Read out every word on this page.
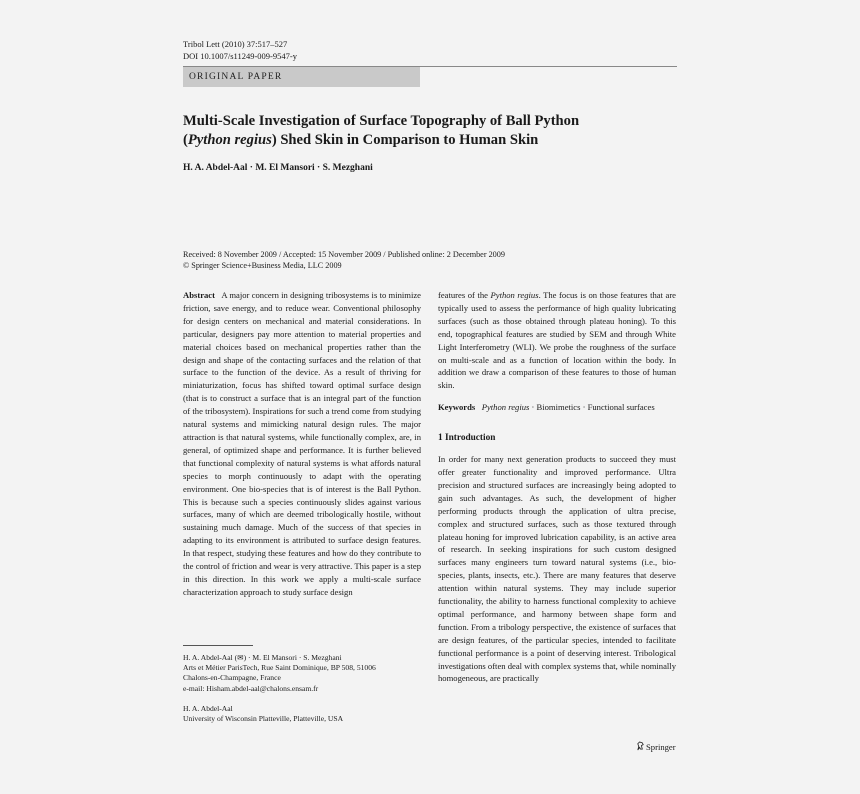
Tribol Lett (2010) 37:517–527
DOI 10.1007/s11249-009-9547-y
ORIGINAL PAPER
Multi-Scale Investigation of Surface Topography of Ball Python
(Python regius) Shed Skin in Comparison to Human Skin
H. A. Abdel-Aal · M. El Mansori · S. Mezghani
Received: 8 November 2009 / Accepted: 15 November 2009 / Published online: 2 December 2009
© Springer Science+Business Media, LLC 2009

Abstract A major concern in designing tribosystems is to minimize friction, save energy, and to reduce wear. Conventional philosophy for design centers on mechanical and material considerations. In particular, designers pay more attention to material properties and material choices based on mechanical properties rather than the design and shape of the contacting surfaces and the relation of that surface to the function of the device. As a result of thriving for miniaturization, focus has shifted toward optimal surface design (that is to construct a surface that is an integral part of the function of the tribosystem). Inspirations for such a trend come from studying natural systems and mimicking natural design rules. The major attraction is that natural systems, while functionally complex, are, in general, of optimized shape and performance. It is further believed that functional complexity of natural systems is what affords natural species to morph continuously to adapt with the operating environment. One bio-species that is of interest is the Ball Python. This is because such a species continuously slides against various surfaces, many of which are deemed tribologically hostile, without sustaining much damage. Much of the success of that species in adapting to its environment is attributed to surface design features. In that respect, studying these features and how do they contribute to the control of friction and wear is very attractive. This paper is a step in this direction. In this work we apply a multi-scale surface characterization approach to study surface design

features of the Python regius. The focus is on those features that are typically used to assess the performance of high quality lubricating surfaces (such as those obtained through plateau honing). To this end, topographical features are studied by SEM and through White Light Interferometry (WLI). We probe the roughness of the surface on multi-scale and as a function of location within the body. In addition we draw a comparison of these features to those of human skin.

Keywords Python regius · Biomimetics · Functional surfaces
1 Introduction

In order for many next generation products to succeed they must offer greater functionality and improved performance. Ultra precision and structured surfaces are increasingly being adopted to gain such advantages. As such, the development of higher performing products through the application of ultra precise, complex and structured surfaces, such as those textured through plateau honing for improved lubrication capability, is an active area of research. In seeking inspirations for such custom designed surfaces many engineers turn toward natural systems (i.e., bio-species, plants, insects, etc.). There are many features that deserve attention within natural systems. They may include superior functionality, the ability to harness functional complexity to achieve optimal performance, and harmony between shape form and function. From a tribology perspective, the existence of surfaces that are design features, of the particular species, intended to facilitate functional performance is a point of deserving interest. Tribological investigations often deal with complex systems that, while nominally homogeneous, are practically

H. A. Abdel-Aal (✉) · M. El Mansori · S. Mezghani
Arts et Métier ParisTech, Rue Saint Dominique, BP 508, 51006
Chalons-en-Champagne, France
e-mail: Hisham.abdel-aal@chalons.ensam.fr
H. A. Abdel-Aal
University of Wisconsin Platteville, Platteville, USA
Springer
